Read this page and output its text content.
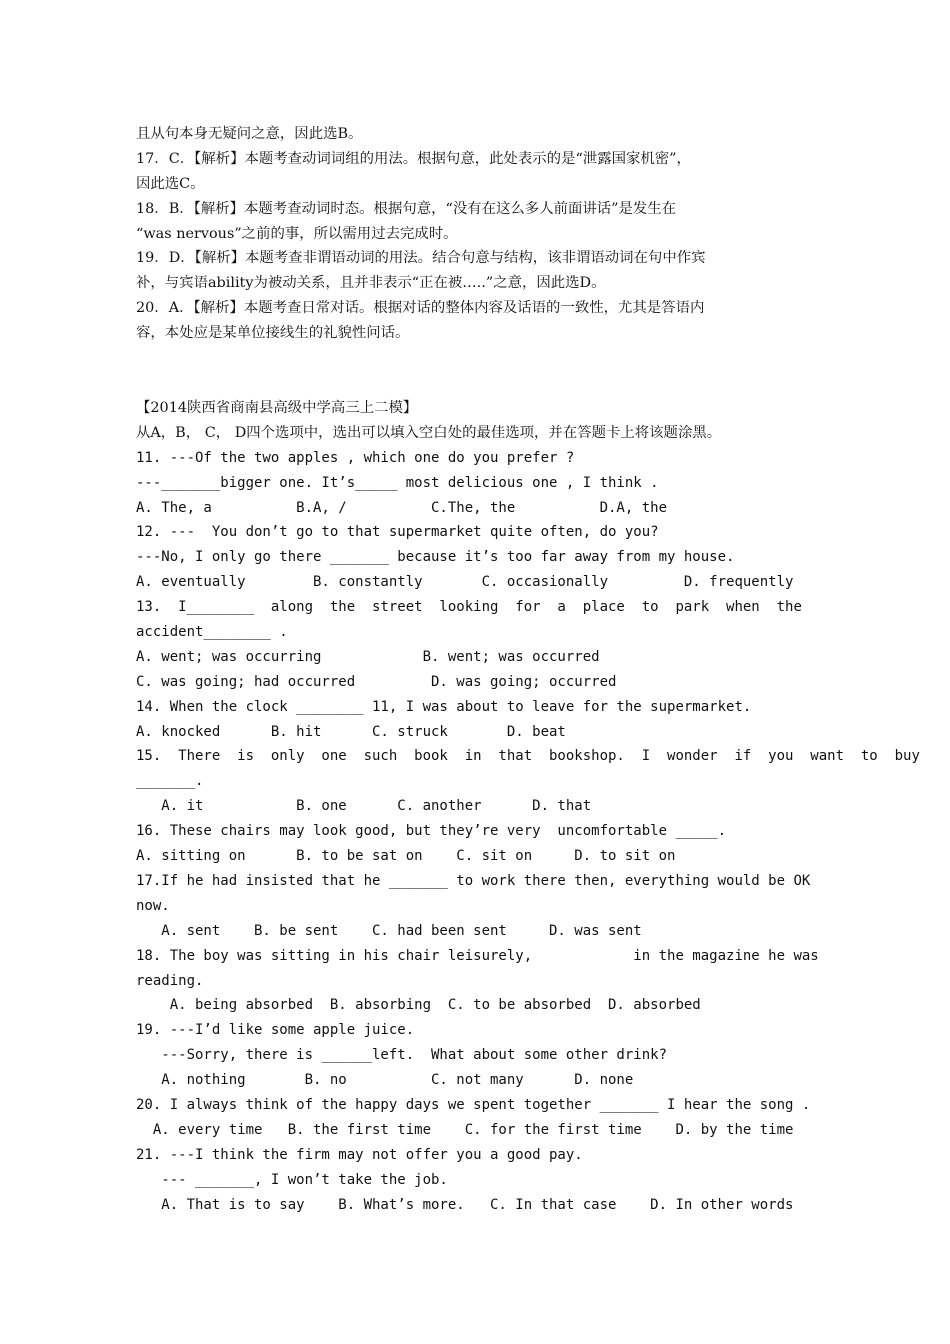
且从句本身无疑问之意，因此选B。
17．C．【解析】本题考查动词词组的用法。根据句意，此处表示的是“泄露国家机密”，
因此选C。
18．B．【解析】本题考查动词时态。根据句意，“没有在这么多人前面讲话”是发生在
“was nervous”之前的事，所以需用过去完成时。
19．D．【解析】本题考查非谓语动词的用法。结合句意与结构，该非谓语动词在句中作宾
补，与宾语ability为被动关系，且并非表示“正在被…..”之意，因此选D。
20．A．【解析】本题考查日常对话。根据对话的整体内容及话语的一致性，尤其是答语内
容，本处应是某单位接线生的礼貌性问话。
【2014陕西省商南县高级中学高三上二模】
从A，B， C， D四个选项中，选出可以填入空白处的最佳选项，并在答题卡上将该题涂黑。
11. ---Of the two apples , which one do you prefer ?
---_______bigger one. It’s_____ most delicious one , I think .
A. The, a          B.A, /          C.The, the          D.A, the
12. ---  You don’t go to that supermarket quite often, do you?
---No, I only go there _______ because it’s too far away from my house.
A. eventually        B. constantly       C. occasionally         D. frequently
13.  I________  along  the  street  looking  for  a  place  to  park  when  the
accident________ .
A. went; was occurring            B. went; was occurred
C. was going; had occurred         D. was going; occurred
14. When the clock ________ 11, I was about to leave for the supermarket.
A. knocked      B. hit      C. struck       D. beat
15.  There  is  only  one  such  book  in  that  bookshop.  I  wonder  if  you  want  to  buy
_______.
A. it           B. one      C. another      D. that
16. These chairs may look good, but they’re very  uncomfortable _____.
A. sitting on      B. to be sat on    C. sit on     D. to sit on
17.If he had insisted that he _______ to work there then, everything would be OK
now.
A. sent    B. be sent    C. had been sent     D. was sent
18. The boy was sitting in his chair leisurely,            in the magazine he was
reading.
A. being absorbed  B. absorbing  C. to be absorbed  D. absorbed
19. ---I’d like some apple juice.
---Sorry, there is ______left.  What about some other drink?
A. nothing       B. no          C. not many      D. none
20. I always think of the happy days we spent together _______ I hear the song .
A. every time   B. the first time    C. for the first time    D. by the time
21. ---I think the firm may not offer you a good pay.
--- _______, I won’t take the job.
A. That is to say    B. What’s more.   C. In that case    D. In other words
